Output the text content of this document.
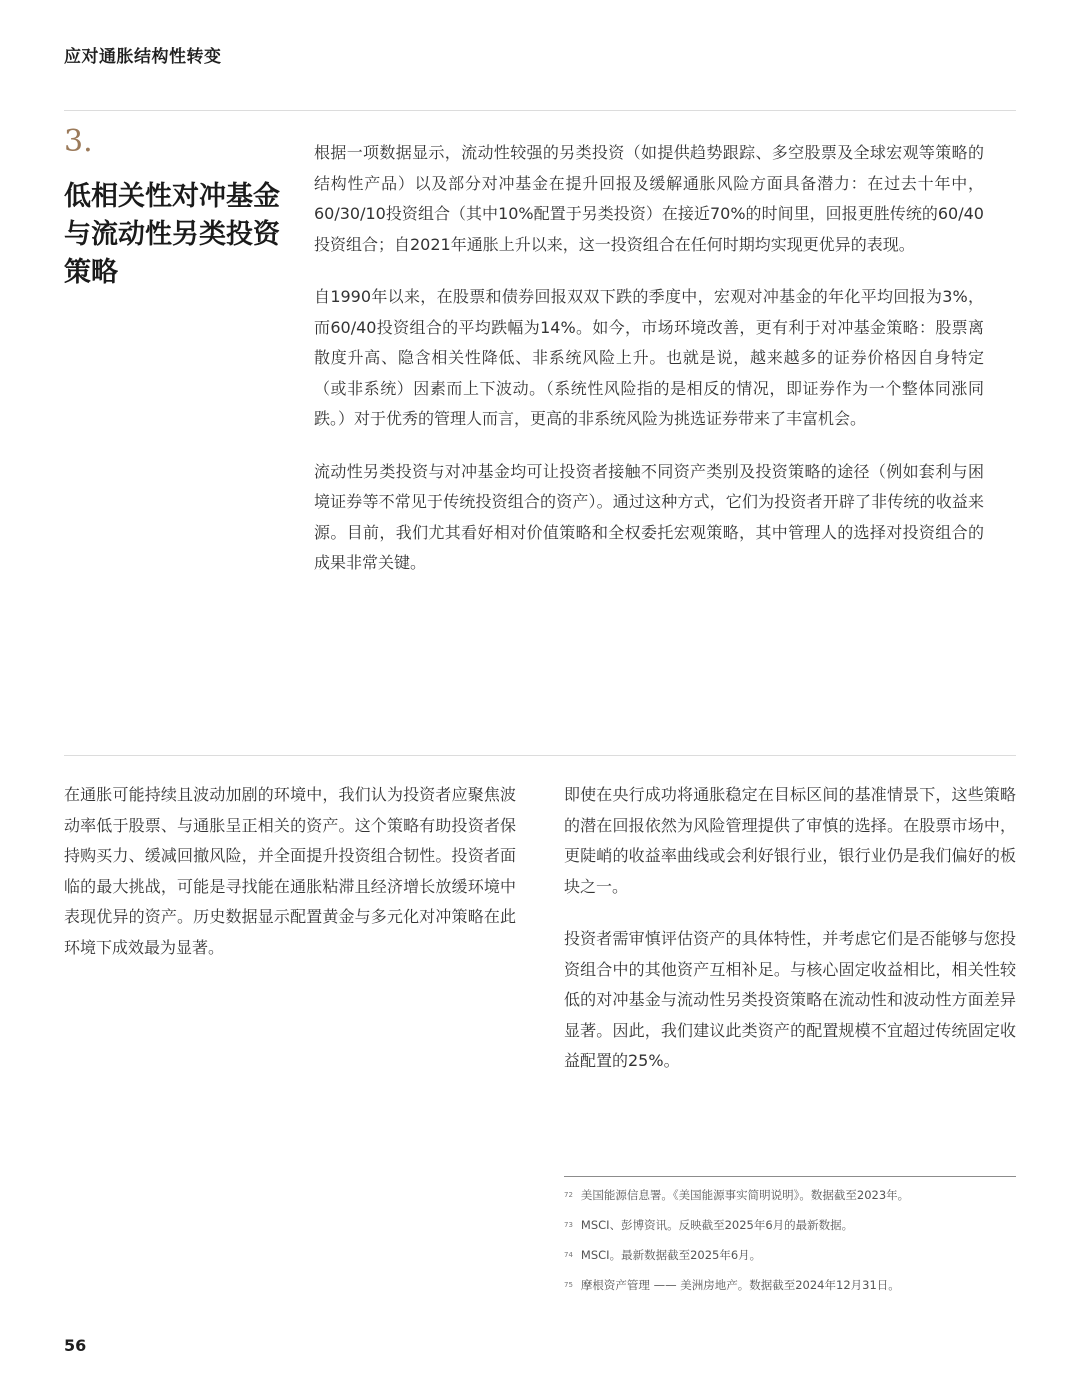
应对通胀结构性转变
3.
低相关性对冲基金与流动性另类投资策略

根据一项数据显示，流动性较强的另类投资（如提供趋势跟踪、多空股票及全球宏观等策略的结构性产品）以及部分对冲基金在提升回报及缓解通胀风险方面具备潜力：在过去十年中，60/30/10投资组合（其中10%配置于另类投资）在接近70%的时间里，回报更胜传统的60/40投资组合；自2021年通胀上升以来，这一投资组合在任何时期均实现更优异的表现。

自1990年以来，在股票和债券回报双双下跌的季度中，宏观对冲基金的年化平均回报为3%，而60/40投资组合的平均跌幅为14%。如今，市场环境改善，更有利于对冲基金策略：股票离散度升高、隐含相关性降低、非系统风险上升。也就是说，越来越多的证券价格因自身特定（或非系统）因素而上下波动。（系统性风险指的是相反的情况，即证券作为一个整体同涨同跌。）对于优秀的管理人而言，更高的非系统风险为挑选证券带来了丰富机会。

流动性另类投资与对冲基金均可让投资者接触不同资产类别及投资策略的途径（例如套利与困境证券等不常见于传统投资组合的资产）。通过这种方式，它们为投资者开辟了非传统的收益来源。目前，我们尤其看好相对价值策略和全权委托宏观策略，其中管理人的选择对投资组合的成果非常关键。

在通胀可能持续且波动加剧的环境中，我们认为投资者应聚焦波动率低于股票、与通胀呈正相关的资产。这个策略有助投资者保持购买力、缓减回撤风险，并全面提升投资组合韧性。投资者面临的最大挑战，可能是寻找能在通胀粘滞且经济增长放缓环境中表现优异的资产。历史数据显示配置黄金与多元化对冲策略在此环境下成效最为显著。

即使在央行成功将通胀稳定在目标区间的基准情景下，这些策略的潜在回报依然为风险管理提供了审慎的选择。在股票市场中，更陡峭的收益率曲线或会利好银行业，银行业仍是我们偏好的板块之一。

投资者需审慎评估资产的具体特性，并考虑它们是否能够与您投资组合中的其他资产互相补足。与核心固定收益相比，相关性较低的对冲基金与流动性另类投资策略在流动性和波动性方面差异显著。因此，我们建议此类资产的配置规模不宜超过传统固定收益配置的25%。

$^{72}$ 美国能源信息署。《美国能源事实简明说明》。数据截至2023年。
$^{73}$ MSCI、彭博资讯。反映截至2025年6月的最新数据。
$^{74}$ MSCI。最新数据截至2025年6月。
$^{75}$ 摩根资产管理 —— 美洲房地产。数据截至2024年12月31日。
56
